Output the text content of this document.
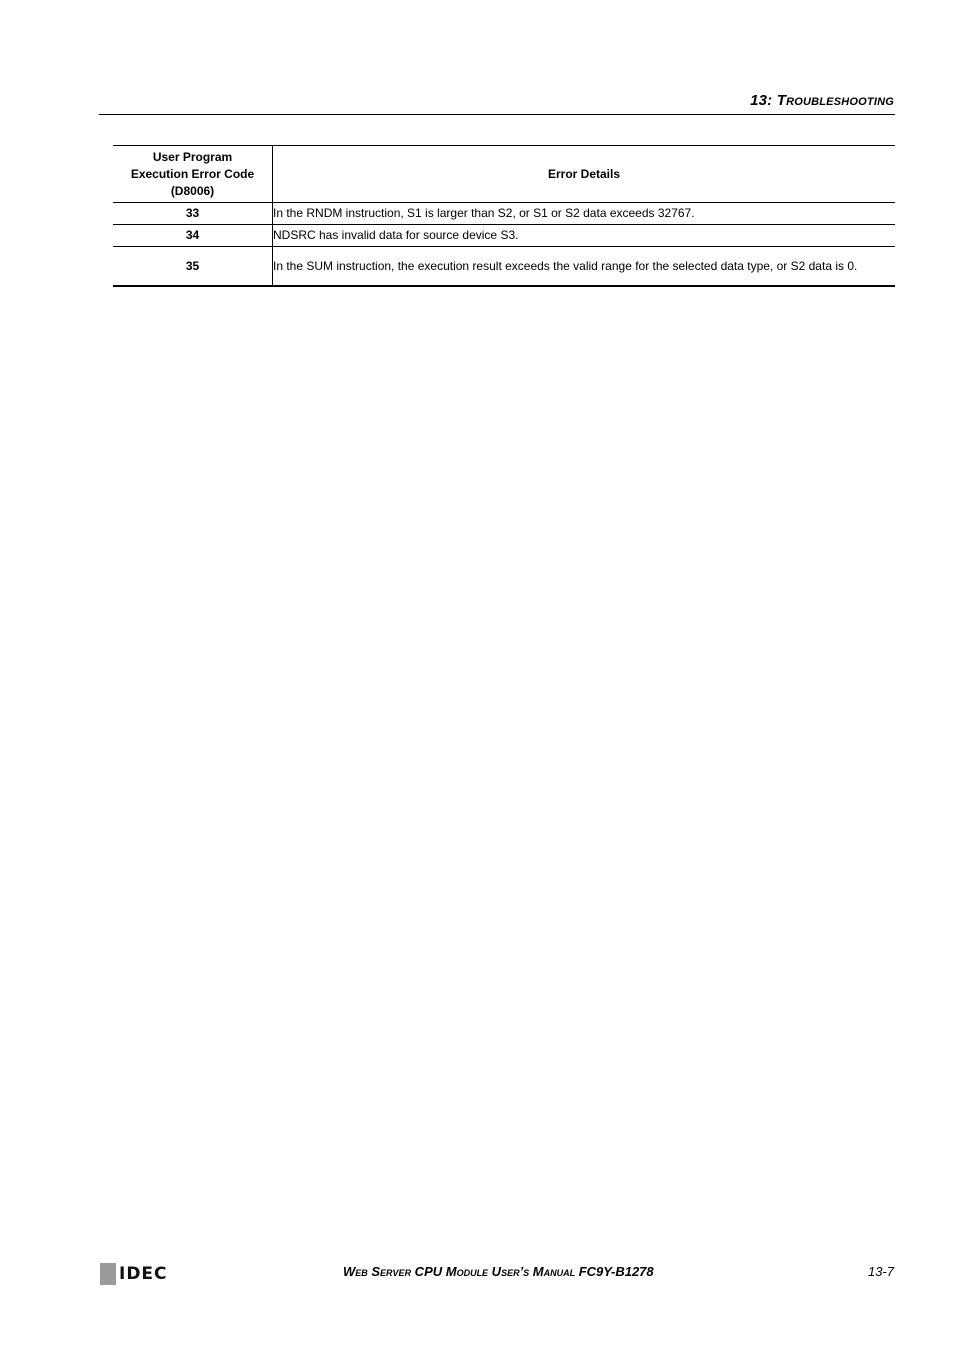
13: Troubleshooting
User Program
Execution Error Code
(D8006)	Error Details
33	In the RNDM instruction, S1 is larger than S2, or S1 or S2 data exceeds 32767.
34	NDSRC has invalid data for source device S3.
35	In the SUM instruction, the execution result exceeds the valid range for the selected data type, or S2 data is 0.
IDEC	Web Server CPU Module User’s Manual FC9Y-B1278	13-7
